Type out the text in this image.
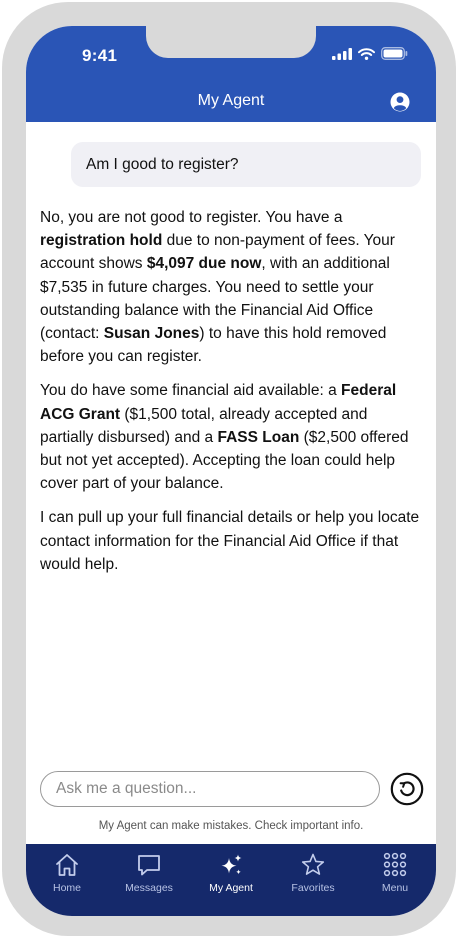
9:41
My Agent
Am I good to register?

No, you are not good to register. You have a registration hold due to non-payment of fees. Your account shows $4,097 due now, with an additional $7,535 in future charges. You need to settle your outstanding balance with the Financial Aid Office (contact: Susan Jones) to have this hold removed before you can register.

You do have some financial aid available: a Federal ACG Grant ($1,500 total, already accepted and partially disbursed) and a FASS Loan ($2,500 offered but not yet accepted). Accepting the loan could help cover part of your balance.

I can pull up your full financial details or help you locate contact information for the Financial Aid Office if that would help.

Ask me a question...
My Agent can make mistakes. Check important info.
Home	Messages	My Agent	Favorites	Menu
